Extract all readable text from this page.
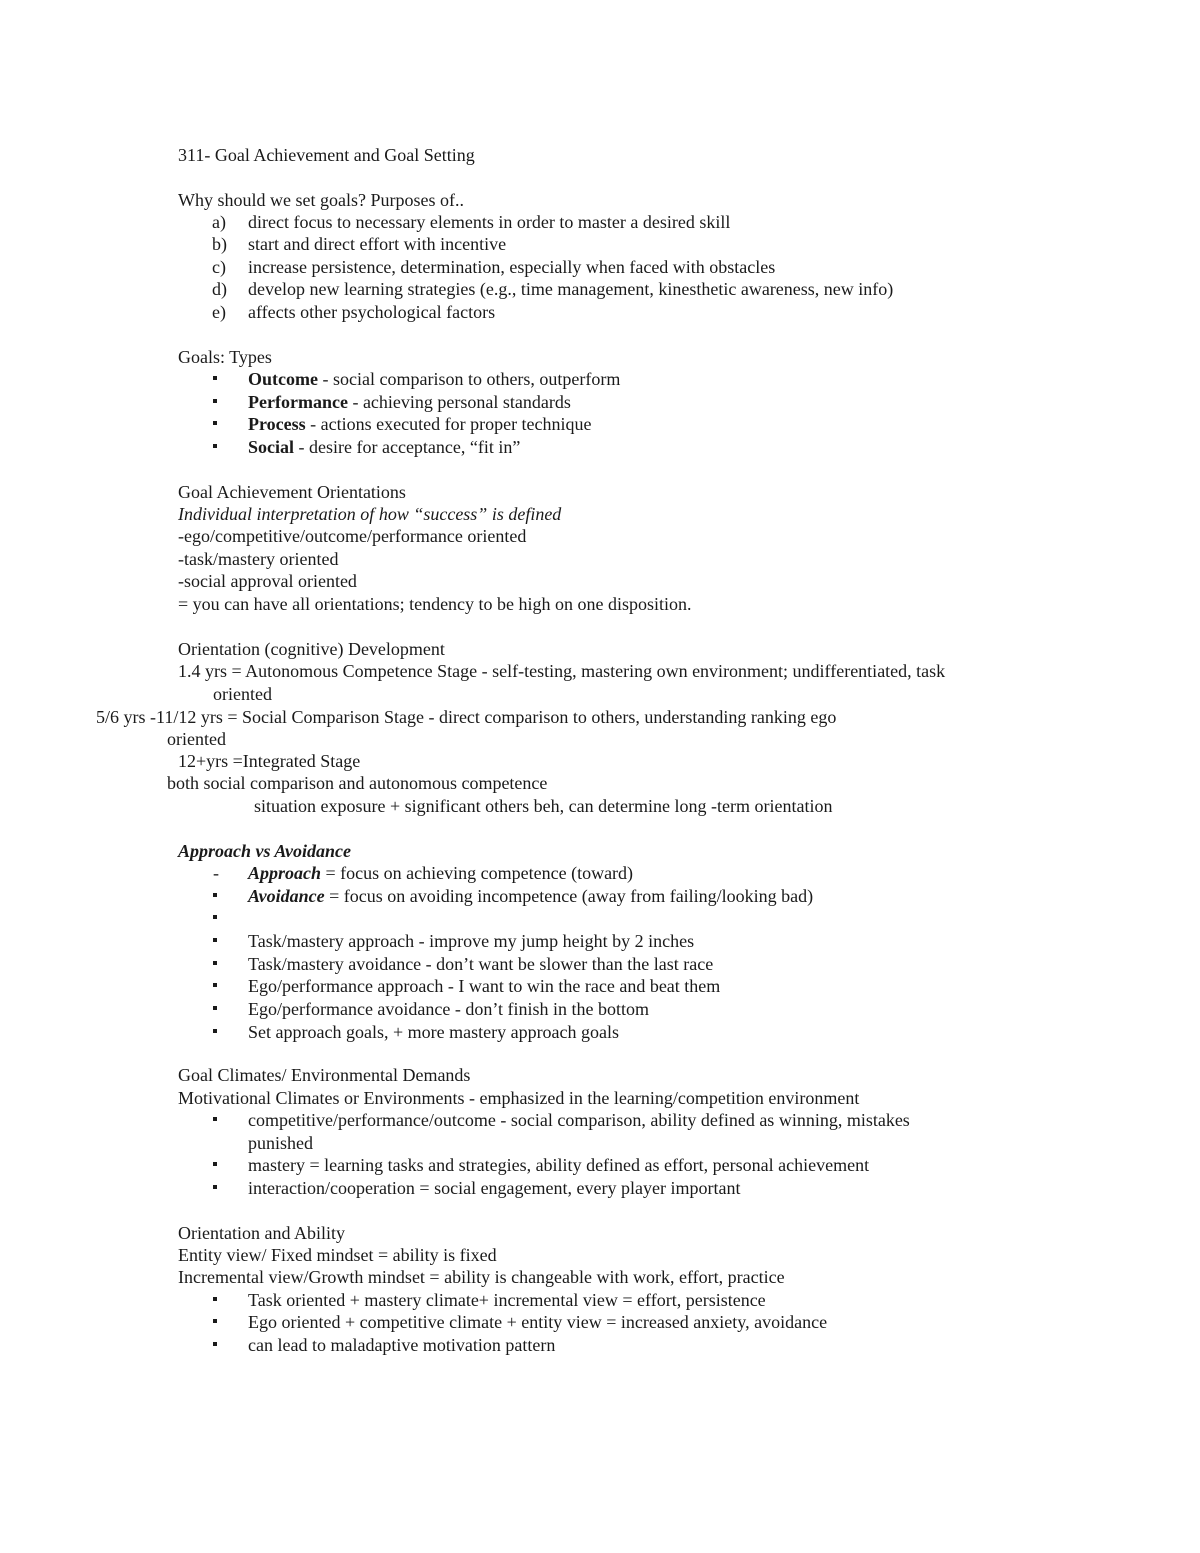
311- Goal Achievement and Goal Setting
Why should we set goals? Purposes of..
a) direct focus to necessary elements in order to master a desired skill
b) start and direct effort with incentive
c) increase persistence, determination, especially when faced with obstacles
d) develop new learning strategies (e.g., time management, kinesthetic awareness, new info)
e) affects other psychological factors
Goals: Types
Outcome - social comparison to others, outperform
Performance - achieving personal standards
Process - actions executed for proper technique
Social - desire for acceptance, “fit in”
Goal Achievement Orientations
Individual interpretation of how “success” is defined
-ego/competitive/outcome/performance oriented
-task/mastery oriented
-social approval oriented
= you can have all orientations; tendency to be high on one disposition.
Orientation (cognitive) Development
1.4 yrs = Autonomous Competence Stage - self-testing, mastering own environment; undifferentiated, task
oriented
5/6 yrs -11/12 yrs = Social Comparison Stage - direct comparison to others, understanding ranking ego
oriented
12+yrs =Integrated Stage
both social comparison and autonomous competence
situation exposure + significant others beh, can determine long -term orientation
Approach vs Avoidance
- Approach = focus on achieving competence (toward)
Avoidance = focus on avoiding incompetence (away from failing/looking bad)
Task/mastery approach - improve my jump height by 2 inches
Task/mastery avoidance - don’t want be slower than the last race
Ego/performance approach - I want to win the race and beat them
Ego/performance avoidance - don’t finish in the bottom
Set approach goals, + more mastery approach goals
Goal Climates/ Environmental Demands
Motivational Climates or Environments - emphasized in the learning/competition environment
competitive/performance/outcome - social comparison, ability defined as winning, mistakes
punished
mastery = learning tasks and strategies, ability defined as effort, personal achievement
interaction/cooperation = social engagement, every player important
Orientation and Ability
Entity view/ Fixed mindset = ability is fixed
Incremental view/Growth mindset = ability is changeable with work, effort, practice
Task oriented + mastery climate+ incremental view = effort, persistence
Ego oriented + competitive climate + entity view = increased anxiety, avoidance
can lead to maladaptive motivation pattern
